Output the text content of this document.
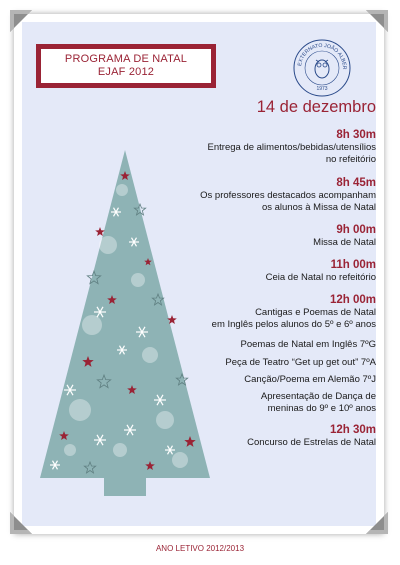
PROGRAMA DE NATAL
EJAF 2012
EXTERNATO JOÃO ALBER
1973
14 de dezembro
8h 30m
Entrega de alimentos/bebidas/utensílios
no refeitório
8h 45m
Os professores destacados acompanham
os alunos à Missa de Natal
9h 00m
Missa de Natal
11h 00m
Ceia de Natal no refeitório
12h 00m
Cantigas e Poemas de Natal
em Inglês pelos alunos do 5º e 6º anos
Poemas de Natal em Inglês 7ºG
Peça de Teatro “Get up get out” 7ºA
Canção/Poema em Alemão 7ºJ
Apresentação de Dança de
meninas do 9º e 10º anos
12h 30m
Concurso de Estrelas de Natal
ANO LETIVO 2012/2013
